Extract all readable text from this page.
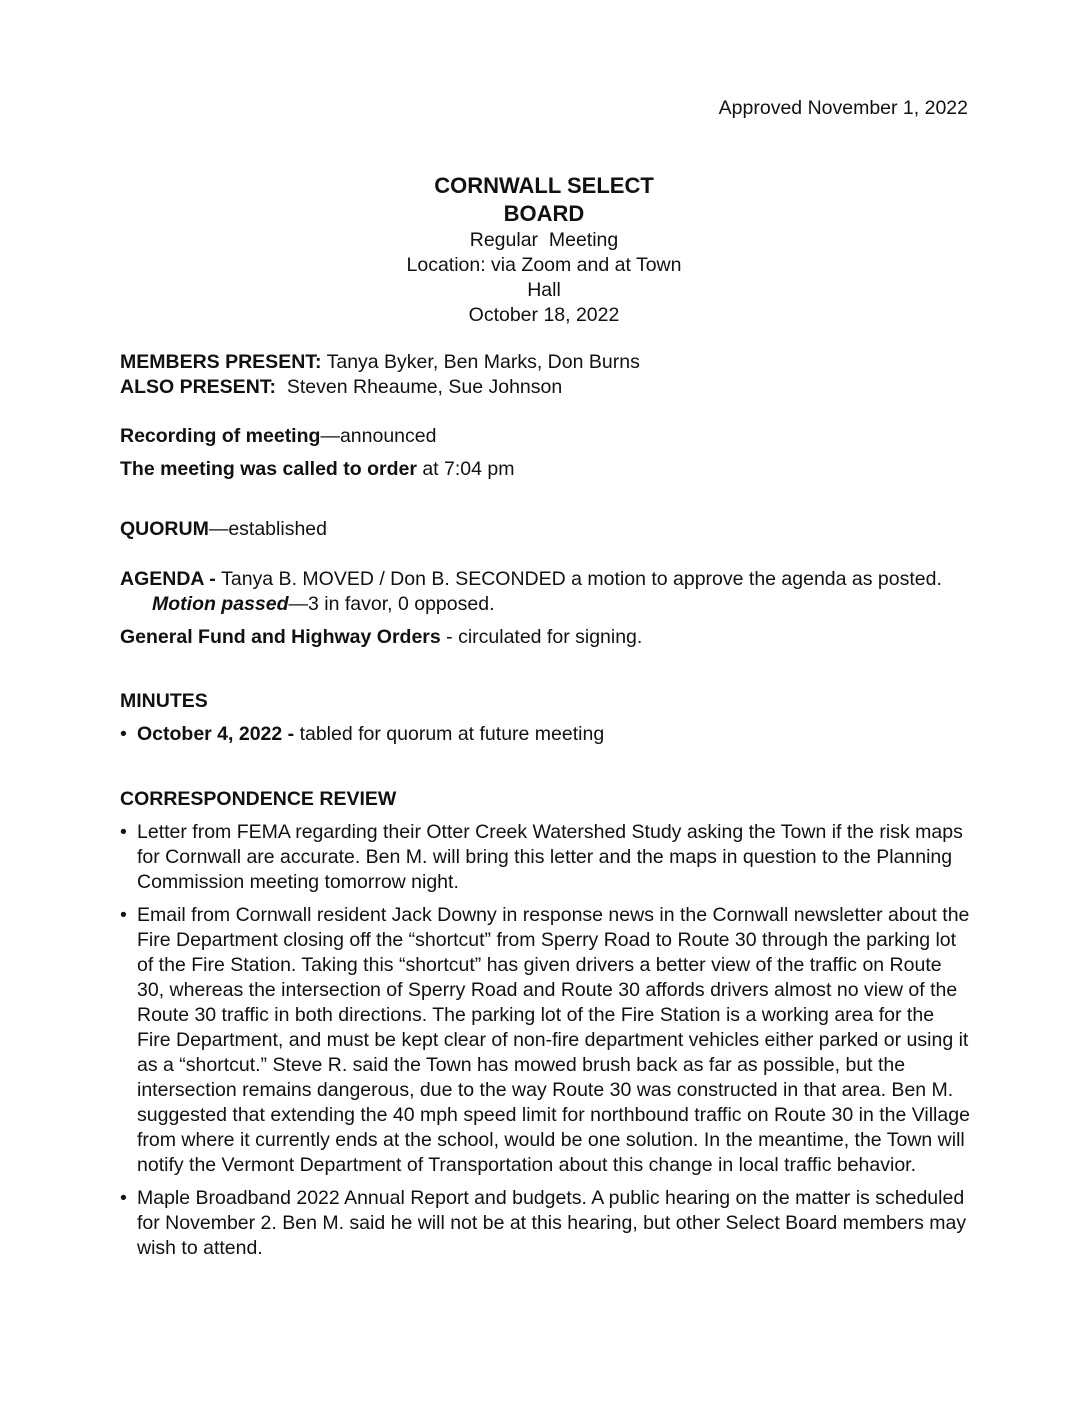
Approved November 1, 2022
CORNWALL SELECT BOARD
Regular  Meeting
Location: via Zoom and at Town
Hall
October 18, 2022
MEMBERS PRESENT: Tanya Byker, Ben Marks, Don Burns
ALSO PRESENT:  Steven Rheaume, Sue Johnson
Recording of meeting—announced
The meeting was called to order at 7:04 pm
QUORUM—established
AGENDA - Tanya B. MOVED / Don B. SECONDED a motion to approve the agenda as posted. Motion passed—3 in favor, 0 opposed.
General Fund and Highway Orders - circulated for signing.
MINUTES
• October 4, 2022 - tabled for quorum at future meeting
CORRESPONDENCE REVIEW
• Letter from FEMA regarding their Otter Creek Watershed Study asking the Town if the risk maps for Cornwall are accurate. Ben M. will bring this letter and the maps in question to the Planning Commission meeting tomorrow night.
• Email from Cornwall resident Jack Downy in response news in the Cornwall newsletter about the Fire Department closing off the “shortcut” from Sperry Road to Route 30 through the parking lot of the Fire Station. Taking this “shortcut” has given drivers a better view of the traffic on Route 30, whereas the intersection of Sperry Road and Route 30 affords drivers almost no view of the Route 30 traffic in both directions. The parking lot of the Fire Station is a working area for the Fire Department, and must be kept clear of non-fire department vehicles either parked or using it as a “shortcut.” Steve R. said the Town has mowed brush back as far as possible, but the intersection remains dangerous, due to the way Route 30 was constructed in that area. Ben M. suggested that extending the 40 mph speed limit for northbound traffic on Route 30 in the Village from where it currently ends at the school, would be one solution. In the meantime, the Town will notify the Vermont Department of Transportation about this change in local traffic behavior.
• Maple Broadband 2022 Annual Report and budgets. A public hearing on the matter is scheduled for November 2. Ben M. said he will not be at this hearing, but other Select Board members may wish to attend.
